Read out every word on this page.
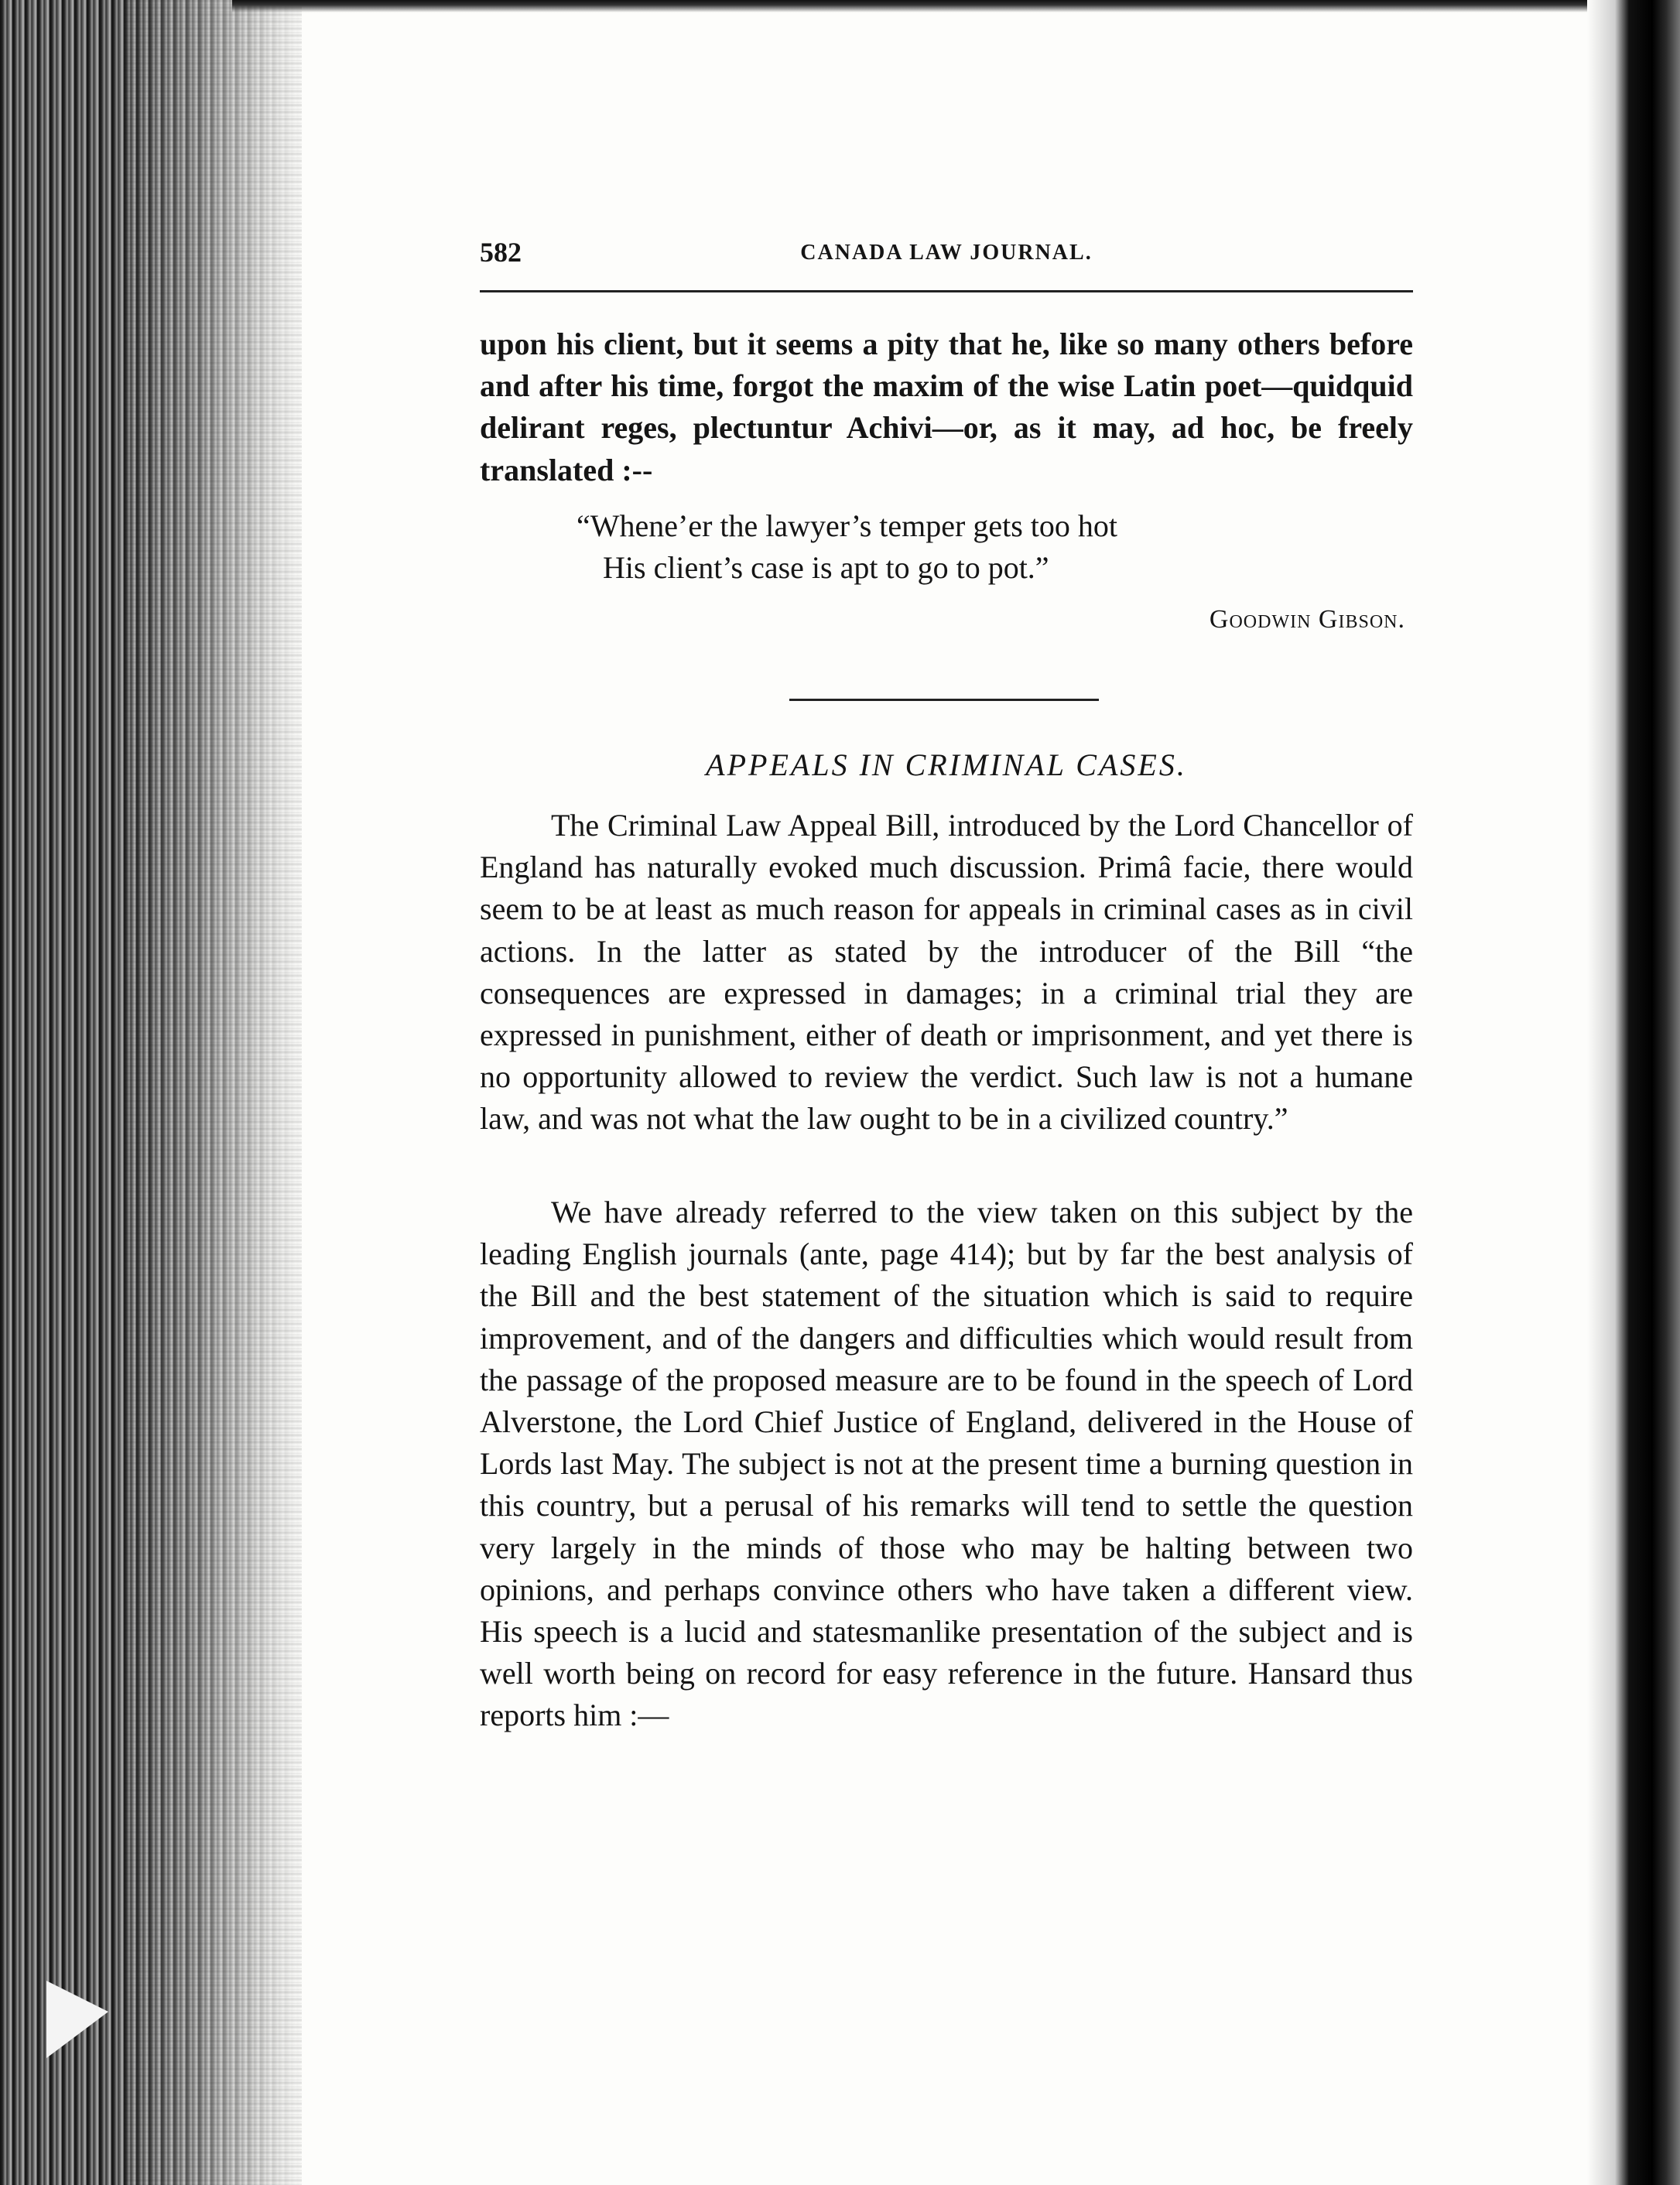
582	CANADA LAW JOURNAL.

upon his client, but it seems a pity that he, like so many others before and after his time, forgot the maxim of the wise Latin poet—quidquid delirant reges, plectuntur Achivi—or, as it may, ad hoc, be freely translated :--

“Whene’er the lawyer’s temper gets too hot
His client’s case is apt to go to pot.”
Goodwin Gibson.
APPEALS IN CRIMINAL CASES.

The Criminal Law Appeal Bill, introduced by the Lord Chancellor of England has naturally evoked much discussion. Primâ facie, there would seem to be at least as much reason for appeals in criminal cases as in civil actions. In the latter as stated by the introducer of the Bill “the consequences are expressed in damages; in a criminal trial they are expressed in punishment, either of death or imprisonment, and yet there is no opportunity allowed to review the verdict. Such law is not a humane law, and was not what the law ought to be in a civilized country.”

We have already referred to the view taken on this subject by the leading English journals (ante, page 414); but by far the best analysis of the Bill and the best statement of the situation which is said to require improvement, and of the dangers and difficulties which would result from the passage of the proposed measure are to be found in the speech of Lord Alverstone, the Lord Chief Justice of England, delivered in the House of Lords last May. The subject is not at the present time a burning question in this country, but a perusal of his remarks will tend to settle the question very largely in the minds of those who may be halting between two opinions, and perhaps convince others who have taken a different view. His speech is a lucid and statesmanlike presentation of the subject and is well worth being on record for easy reference in the future. Hansard thus reports him :—
